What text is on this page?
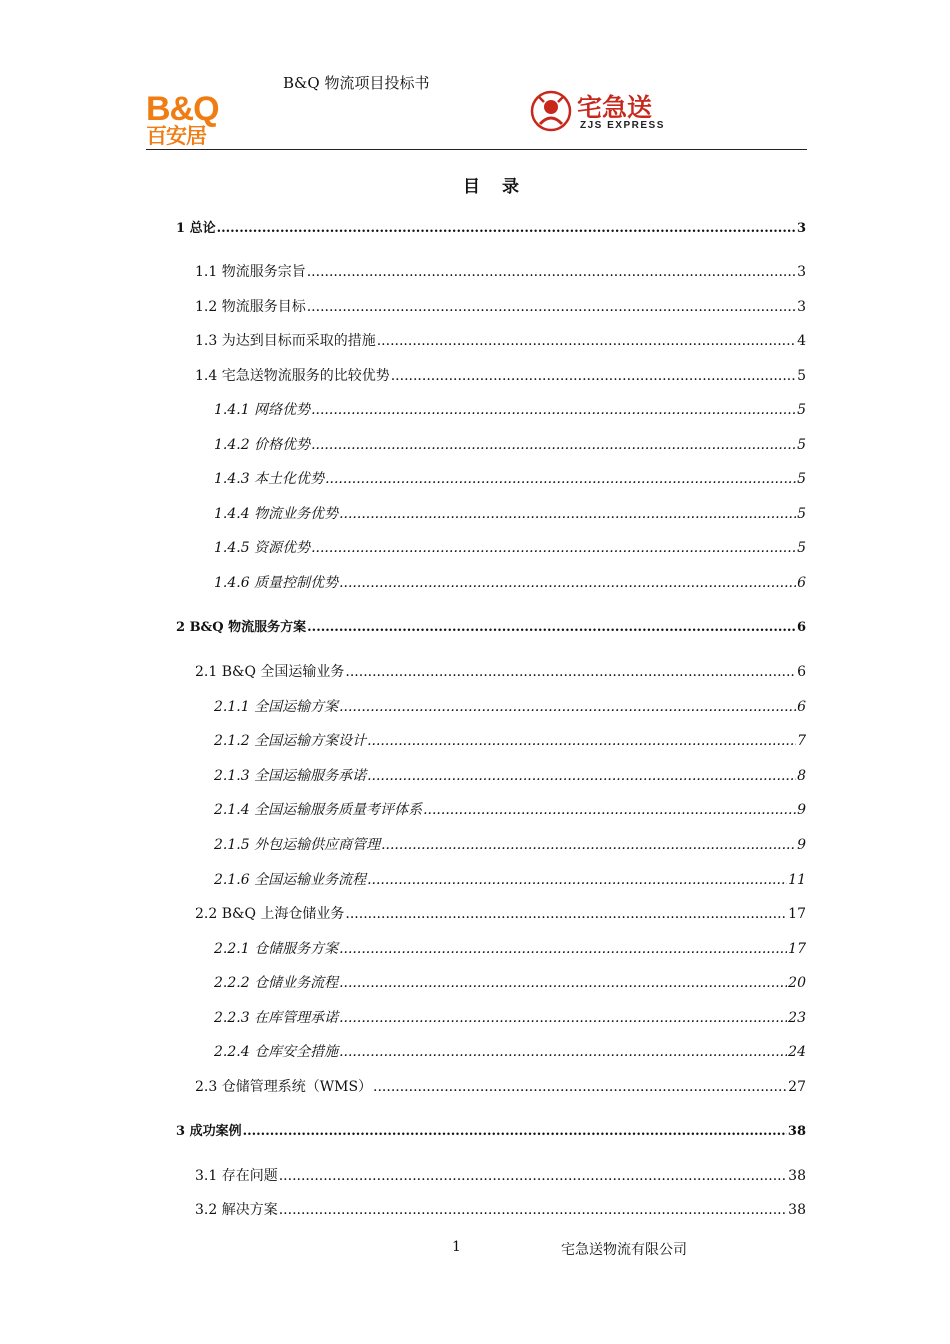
B&Q
百安居
B&Q 物流项目投标书
宅急送
ZJS EXPRESS
目 录
1 总论 .....	3
1.1 物流服务宗旨 .....	3
1.2 物流服务目标 .....	3
1.3 为达到目标而采取的措施 .....	4
1.4 宅急送物流服务的比较优势 .....	5
1.4.1 网络优势 .....	5
1.4.2 价格优势 .....	5
1.4.3 本土化优势 .....	5
1.4.4 物流业务优势 .....	5
1.4.5 资源优势 .....	5
1.4.6 质量控制优势 .....	6
2 B&Q 物流服务方案 .....	6
2.1 B&Q 全国运输业务 .....	6
2.1.1 全国运输方案 .....	6
2.1.2 全国运输方案设计 .....	7
2.1.3 全国运输服务承诺 .....	8
2.1.4 全国运输服务质量考评体系 .....	9
2.1.5 外包运输供应商管理 .....	9
2.1.6 全国运输业务流程 .....	11
2.2 B&Q 上海仓储业务 .....	17
2.2.1 仓储服务方案 .....	17
2.2.2 仓储业务流程 .....	20
2.2.3 在库管理承诺 .....	23
2.2.4 仓库安全措施 .....	24
2.3 仓储管理系统（WMS） .....	27
3 成功案例 .....	38
3.1 存在问题 .....	38
3.2 解决方案 .....	38
1	宅急送物流有限公司
